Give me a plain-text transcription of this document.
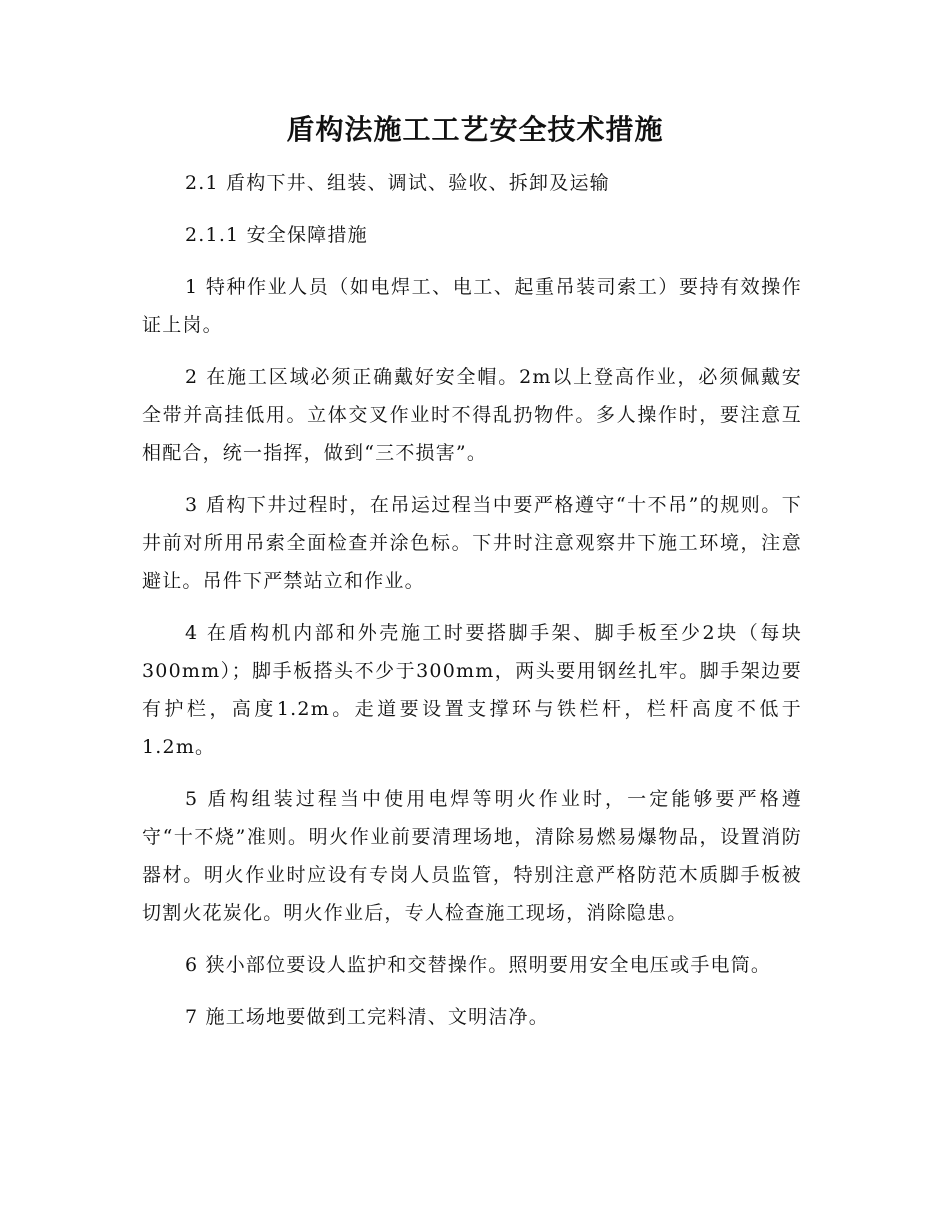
盾构法施工工艺安全技术措施

2.1 盾构下井、组装、调试、验收、拆卸及运输

2.1.1 安全保障措施

1 特种作业人员（如电焊工、电工、起重吊装司索工）要持有效操作证上岗。

2 在施工区域必须正确戴好安全帽。2m以上登高作业，必须佩戴安全带并高挂低用。立体交叉作业时不得乱扔物件。多人操作时，要注意互相配合，统一指挥，做到“三不损害”。

3 盾构下井过程时，在吊运过程当中要严格遵守“十不吊”的规则。下井前对所用吊索全面检查并涂色标。下井时注意观察井下施工环境，注意避让。吊件下严禁站立和作业。

4 在盾构机内部和外壳施工时要搭脚手架、脚手板至少2块（每块300mm）；脚手板搭头不少于300mm，两头要用钢丝扎牢。脚手架边要有护栏，高度1.2m。走道要设置支撑环与铁栏杆，栏杆高度不低于1.2m。

5 盾构组装过程当中使用电焊等明火作业时，一定能够要严格遵守“十不烧”准则。明火作业前要清理场地，清除易燃易爆物品，设置消防器材。明火作业时应设有专岗人员监管，特别注意严格防范木质脚手板被切割火花炭化。明火作业后，专人检查施工现场，消除隐患。

6 狭小部位要设人监护和交替操作。照明要用安全电压或手电筒。

7 施工场地要做到工完料清、文明洁净。
